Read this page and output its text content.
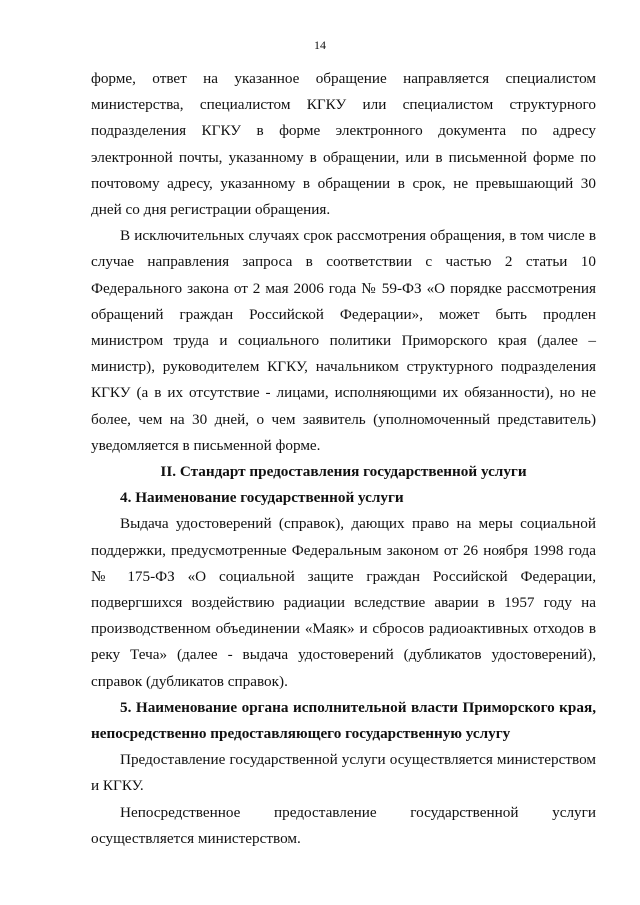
14

форме, ответ на указанное обращение направляется специалистом министерства, специалистом КГКУ или специалистом структурного подразделения КГКУ в форме электронного документа по адресу электронной почты, указанному в обращении, или в письменной форме по почтовому адресу, указанному в обращении в срок, не превышающий 30 дней со дня регистрации обращения.

В исключительных случаях срок рассмотрения обращения, в том числе в случае направления запроса в соответствии с частью 2 статьи 10 Федерального закона от 2 мая 2006 года № 59-ФЗ «О порядке рассмотрения обращений граждан Российской Федерации», может быть продлен министром труда и социального политики Приморского края (далее – министр), руководителем КГКУ, начальником структурного подразделения КГКУ (а в их отсутствие - лицами, исполняющими их обязанности), но не более, чем на 30 дней, о чем заявитель (уполномоченный представитель) уведомляется в письменной форме.

II. Стандарт предоставления государственной услуги

4. Наименование государственной услуги

Выдача удостоверений (справок), дающих право на меры социальной поддержки, предусмотренные Федеральным законом от 26 ноября 1998 года № 175-ФЗ «О социальной защите граждан Российской Федерации, подвергшихся воздействию радиации вследствие аварии в 1957 году на производственном объединении «Маяк» и сбросов радиоактивных отходов в реку Теча» (далее - выдача удостоверений (дубликатов удостоверений), справок (дубликатов справок).

5. Наименование органа исполнительной власти Приморского края, непосредственно предоставляющего государственную услугу

Предоставление государственной услуги осуществляется министерством и КГКУ.

Непосредственное предоставление государственной услуги

осуществляется министерством.
